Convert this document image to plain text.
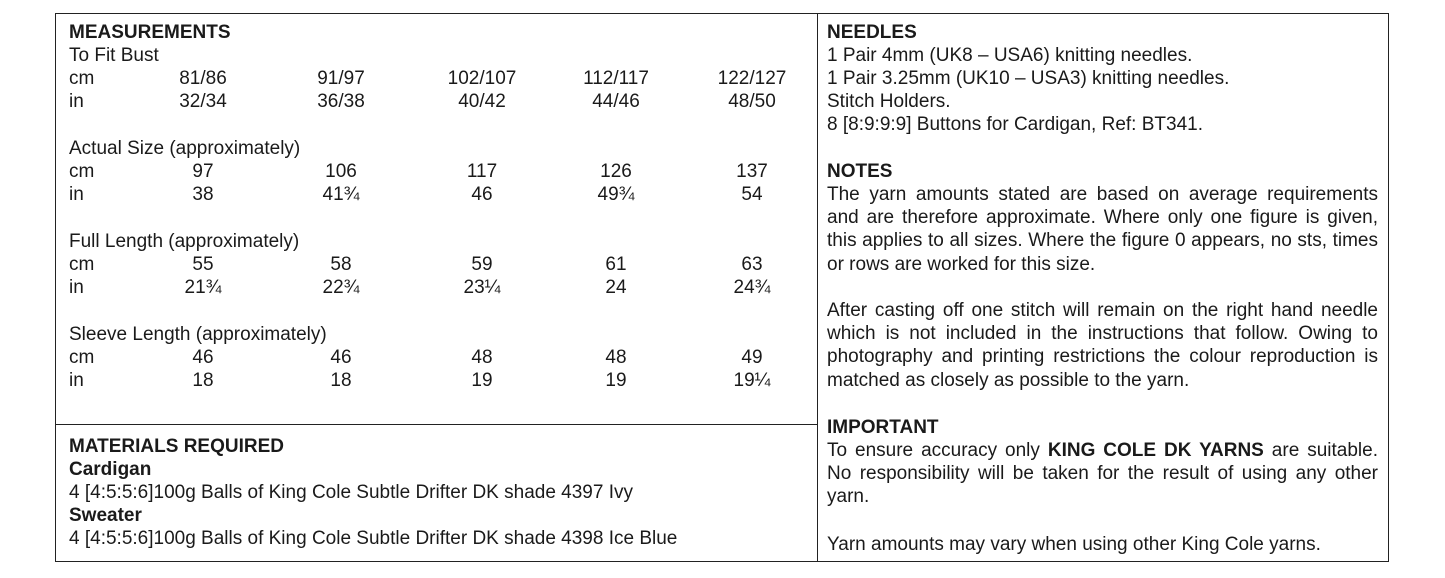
MEASUREMENTS
To Fit Bust
cm	81/86	91/97	102/107	112/117	122/127
in	32/34	36/38	40/42	44/46	48/50
Actual Size (approximately)
cm	97	106	117	126	137
in	38	41¾	46	49¾	54
Full Length (approximately)
cm	55	58	59	61	63
in	21¾	22¾	23¼	24	24¾
Sleeve Length (approximately)
cm	46	46	48	48	49
in	18	18	19	19	19¼
MATERIALS REQUIRED
Cardigan
4 [4:5:5:6]100g Balls of King Cole Subtle Drifter DK shade 4397 Ivy
Sweater
4 [4:5:5:6]100g Balls of King Cole Subtle Drifter DK shade 4398 Ice Blue
NEEDLES
1 Pair 4mm (UK8 – USA6) knitting needles.
1 Pair 3.25mm (UK10 – USA3) knitting needles.
Stitch Holders.
8 [8:9:9:9] Buttons for Cardigan, Ref: BT341.
NOTES
The yarn amounts stated are based on average requirements and are therefore approximate. Where only one figure is given, this applies to all sizes. Where the figure 0 appears, no sts, times or rows are worked for this size.
After casting off one stitch will remain on the right hand needle which is not included in the instructions that follow. Owing to photography and printing restrictions the colour reproduction is matched as closely as possible to the yarn.
IMPORTANT
To ensure accuracy only KING COLE DK YARNS are suitable. No responsibility will be taken for the result of using any other yarn.
Yarn amounts may vary when using other King Cole yarns.
